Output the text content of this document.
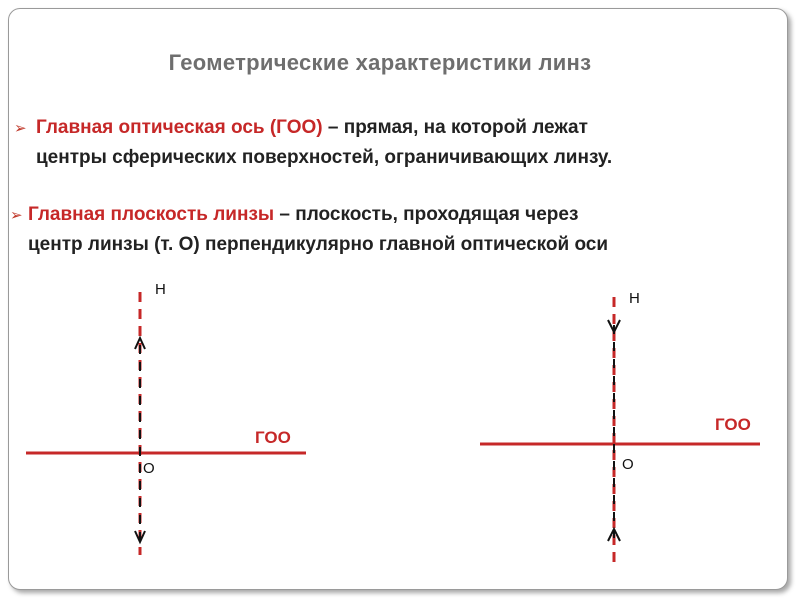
Геометрические характеристики линз
➢ Главная оптическая ось (ГОО) – прямая, на которой лежат
центры сферических поверхностей, ограничивающих линзу.
➢ Главная плоскость линзы – плоскость, проходящая через
центр линзы (т. О) перпендикулярно главной оптической оси
Н
ГОО
О
Н
ГОО
О
